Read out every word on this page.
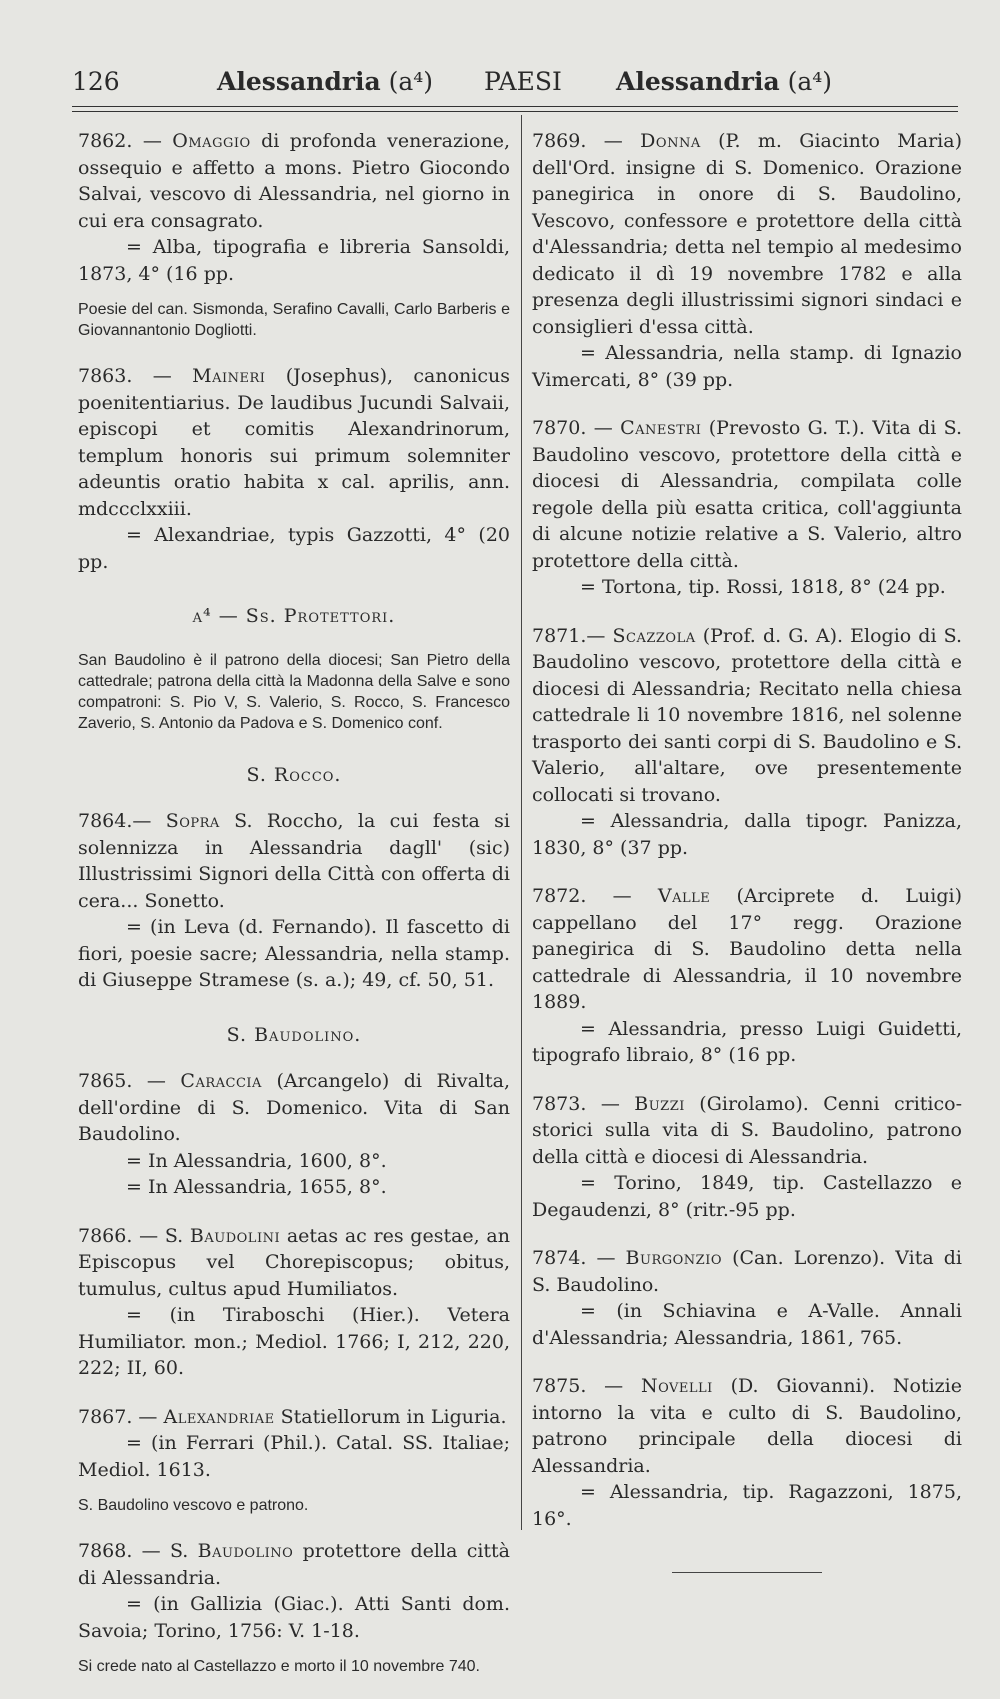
126	Alessandria (a⁴) PAESI Alessandria (a⁴)

7862. — Omaggio di profonda venerazione, ossequio e affetto a mons. Pietro Giocondo Salvai, vescovo di Alessandria, nel giorno in cui era consagrato.

= Alba, tipografia e libreria Sansoldi, 1873, 4° (16 pp.

Poesie del can. Sismonda, Serafino Cavalli, Carlo Barberis e Giovannantonio Dogliotti.

7863. — Maineri (Josephus), canonicus poenitentiarius. De laudibus Jucundi Salvaii, episcopi et comitis Alexandrinorum, templum honoris sui primum solemniter adeuntis oratio habita x cal. aprilis, ann. mdccclxxiii.

= Alexandriae, typis Gazzotti, 4° (20 pp.

a⁴ — Ss. Protettori.

San Baudolino è il patrono della diocesi; San Pietro della cattedrale; patrona della città la Madonna della Salve e sono compatroni: S. Pio V, S. Valerio, S. Rocco, S. Francesco Zaverio, S. Antonio da Padova e S. Domenico conf.

S. Rocco.

7864.— Sopra S. Roccho, la cui festa si solennizza in Alessandria dagll' (sic) Illustrissimi Signori della Città con offerta di cera... Sonetto.

= (in Leva (d. Fernando). Il fascetto di fiori, poesie sacre; Alessandria, nella stamp. di Giuseppe Stramese (s. a.); 49, cf. 50, 51.

S. Baudolino.

7865. — Caraccia (Arcangelo) di Rivalta, dell'ordine di S. Domenico. Vita di San Baudolino.

= In Alessandria, 1600, 8°.

= In Alessandria, 1655, 8°.

7866. — S. Baudolini aetas ac res gestae, an Episcopus vel Chorepiscopus; obitus, tumulus, cultus apud Humiliatos.

= (in Tiraboschi (Hier.). Vetera Humiliator. mon.; Mediol. 1766; I, 212, 220, 222; II, 60.

7867. — Alexandriae Statiellorum in Liguria.

= (in Ferrari (Phil.). Catal. SS. Italiae; Mediol. 1613.

S. Baudolino vescovo e patrono.

7868. — S. Baudolino protettore della città di Alessandria.

= (in Gallizia (Giac.). Atti Santi dom. Savoia; Torino, 1756: V. 1-18.

Si crede nato al Castellazzo e morto il 10 novembre 740.

7869. — Donna (P. m. Giacinto Maria) dell'Ord. insigne di S. Domenico. Orazione panegirica in onore di S. Baudolino, Vescovo, confessore e protettore della città d'Alessandria; detta nel tempio al medesimo dedicato il dì 19 novembre 1782 e alla presenza degli illustrissimi signori sindaci e consiglieri d'essa città.

= Alessandria, nella stamp. di Ignazio Vimercati, 8° (39 pp.

7870. — Canestri (Prevosto G. T.). Vita di S. Baudolino vescovo, protettore della città e diocesi di Alessandria, compilata colle regole della più esatta critica, coll'aggiunta di alcune notizie relative a S. Valerio, altro protettore della città.

= Tortona, tip. Rossi, 1818, 8° (24 pp.

7871.— Scazzola (Prof. d. G. A). Elogio di S. Baudolino vescovo, protettore della città e diocesi di Alessandria; Recitato nella chiesa cattedrale li 10 novembre 1816, nel solenne trasporto dei santi corpi di S. Baudolino e S. Valerio, all'altare, ove presentemente collocati si trovano.

= Alessandria, dalla tipogr. Panizza, 1830, 8° (37 pp.

7872. — Valle (Arciprete d. Luigi) cappellano del 17° regg. Orazione panegirica di S. Baudolino detta nella cattedrale di Alessandria, il 10 novembre 1889.

= Alessandria, presso Luigi Guidetti, tipografo libraio, 8° (16 pp.

7873. — Buzzi (Girolamo). Cenni critico-storici sulla vita di S. Baudolino, patrono della città e diocesi di Alessandria.

= Torino, 1849, tip. Castellazzo e Degaudenzi, 8° (ritr.-95 pp.

7874. — Burgonzio (Can. Lorenzo). Vita di S. Baudolino.

= (in Schiavina e A-Valle. Annali d'Alessandria; Alessandria, 1861, 765.

7875. — Novelli (D. Giovanni). Notizie intorno la vita e culto di S. Baudolino, patrono principale della diocesi di Alessandria.

= Alessandria, tip. Ragazzoni, 1875, 16°.
